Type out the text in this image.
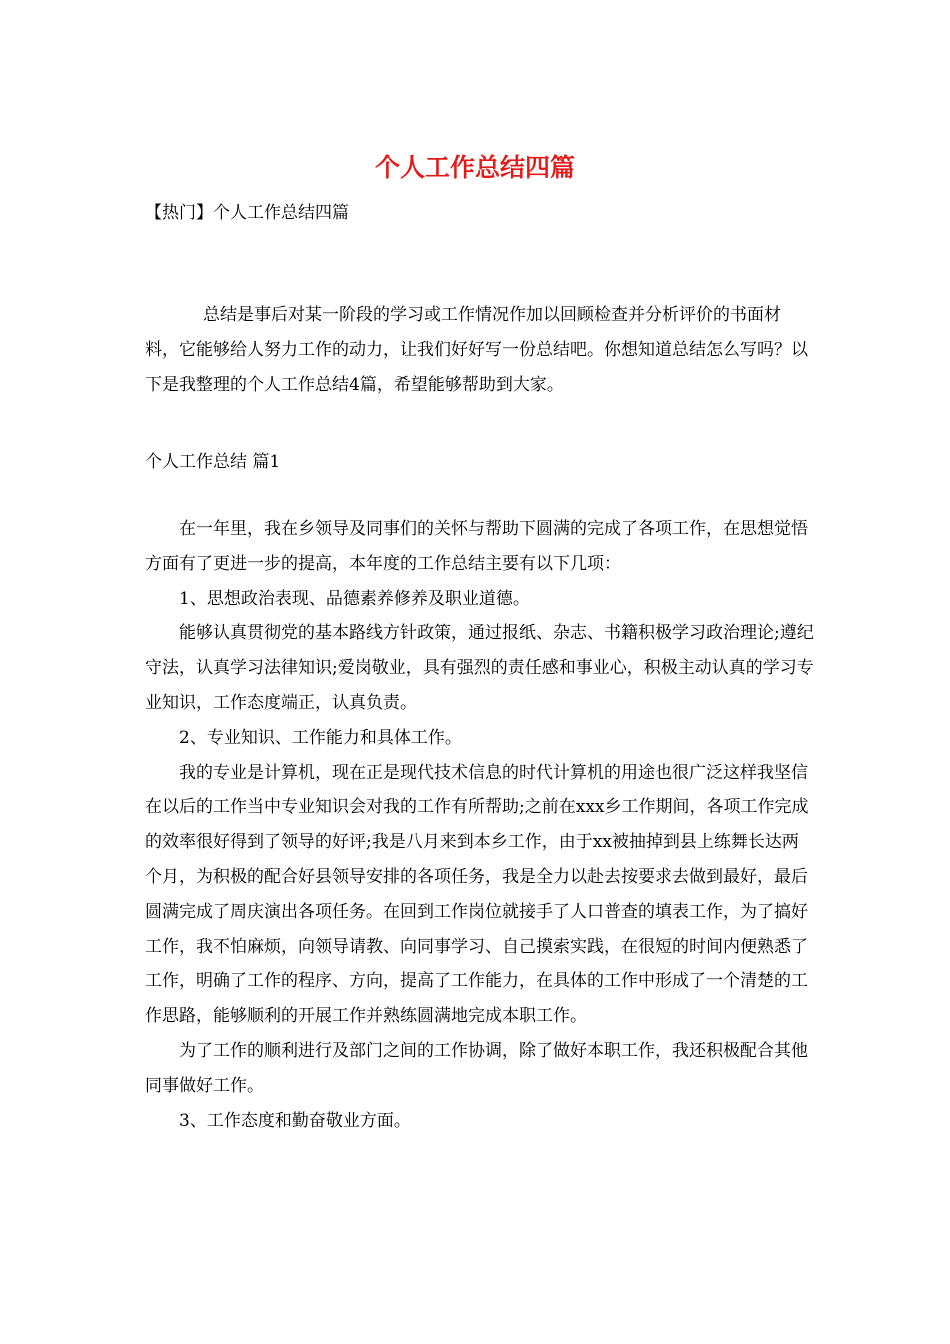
个人工作总结四篇

【热门】个人工作总结四篇

总结是事后对某一阶段的学习或工作情况作加以回顾检查并分析评价的书面材料，它能够给人努力工作的动力，让我们好好写一份总结吧。你想知道总结怎么写吗？以下是我整理的个人工作总结4篇，希望能够帮助到大家。

个人工作总结 篇1

在一年里，我在乡领导及同事们的关怀与帮助下圆满的完成了各项工作，在思想觉悟方面有了更进一步的提高，本年度的工作总结主要有以下几项：

1、思想政治表现、品德素养修养及职业道德。

能够认真贯彻党的基本路线方针政策，通过报纸、杂志、书籍积极学习政治理论;遵纪守法，认真学习法律知识;爱岗敬业，具有强烈的责任感和事业心，积极主动认真的学习专业知识，工作态度端正，认真负责。

2、专业知识、工作能力和具体工作。

我的专业是计算机，现在正是现代技术信息的时代计算机的用途也很广泛这样我坚信在以后的工作当中专业知识会对我的工作有所帮助;之前在xxx乡工作期间，各项工作完成的效率很好得到了领导的好评;我是八月来到本乡工作，由于xx被抽掉到县上练舞长达两个月，为积极的配合好县领导安排的各项任务，我是全力以赴去按要求去做到最好，最后圆满完成了周庆演出各项任务。在回到工作岗位就接手了人口普查的填表工作，为了搞好工作，我不怕麻烦，向领导请教、向同事学习、自己摸索实践，在很短的时间内便熟悉了工作，明确了工作的程序、方向，提高了工作能力，在具体的工作中形成了一个清楚的工作思路，能够顺利的开展工作并熟练圆满地完成本职工作。

为了工作的顺利进行及部门之间的工作协调，除了做好本职工作，我还积极配合其他同事做好工作。

3、工作态度和勤奋敬业方面。
